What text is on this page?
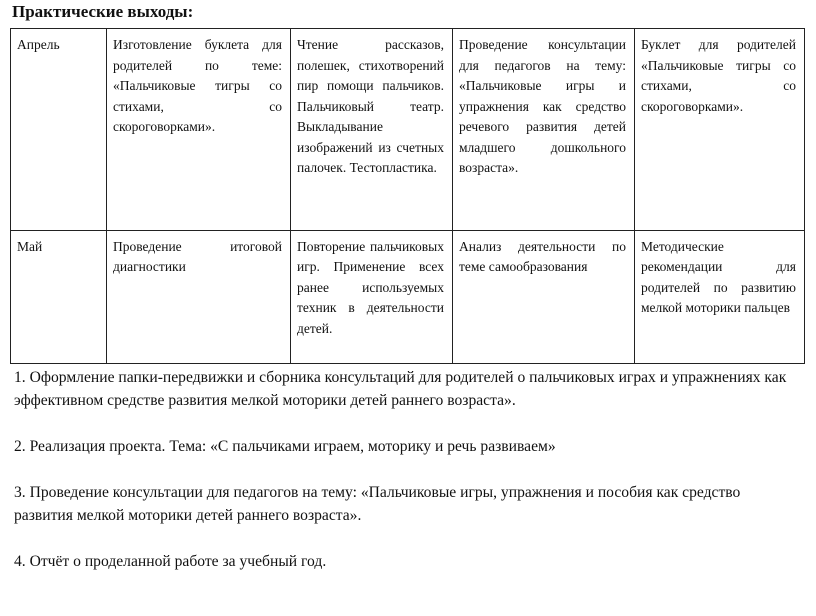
Практические выходы:
Апрель	Изготовление буклета для родителей по теме: «Пальчиковые тигры со стихами, со скороговорками».	Чтение рассказов, полешек, стихотворений пир помощи пальчиков. Пальчиковый театр. Выкладывание изображений из счетных палочек. Тестопластика.	Проведение консультации для педагогов на тему: «Пальчиковые игры и упражнения как средство речевого развития детей младшего дошкольного возраста».	Буклет для родителей «Пальчиковые тигры со стихами, со скороговорками».
Май	Проведение итоговой диагностики	Повторение пальчиковых игр. Применение всех ранее используемых техник в деятельности детей.	Анализ деятельности по теме самообразования	Методические рекомендации для родителей по развитию мелкой моторики пальцев

1. Оформление папки-передвижки и сборника консультаций для родителей о пальчиковых играх и упражнениях как эффективном средстве развития мелкой моторики детей раннего возраста».

2. Реализация проекта. Тема: «С пальчиками играем, моторику и речь развиваем»

3. Проведение консультации для педагогов на тему: «Пальчиковые игры, упражнения и пособия как средство развития мелкой моторики детей раннего возраста».

4. Отчёт о проделанной работе за учебный год.
